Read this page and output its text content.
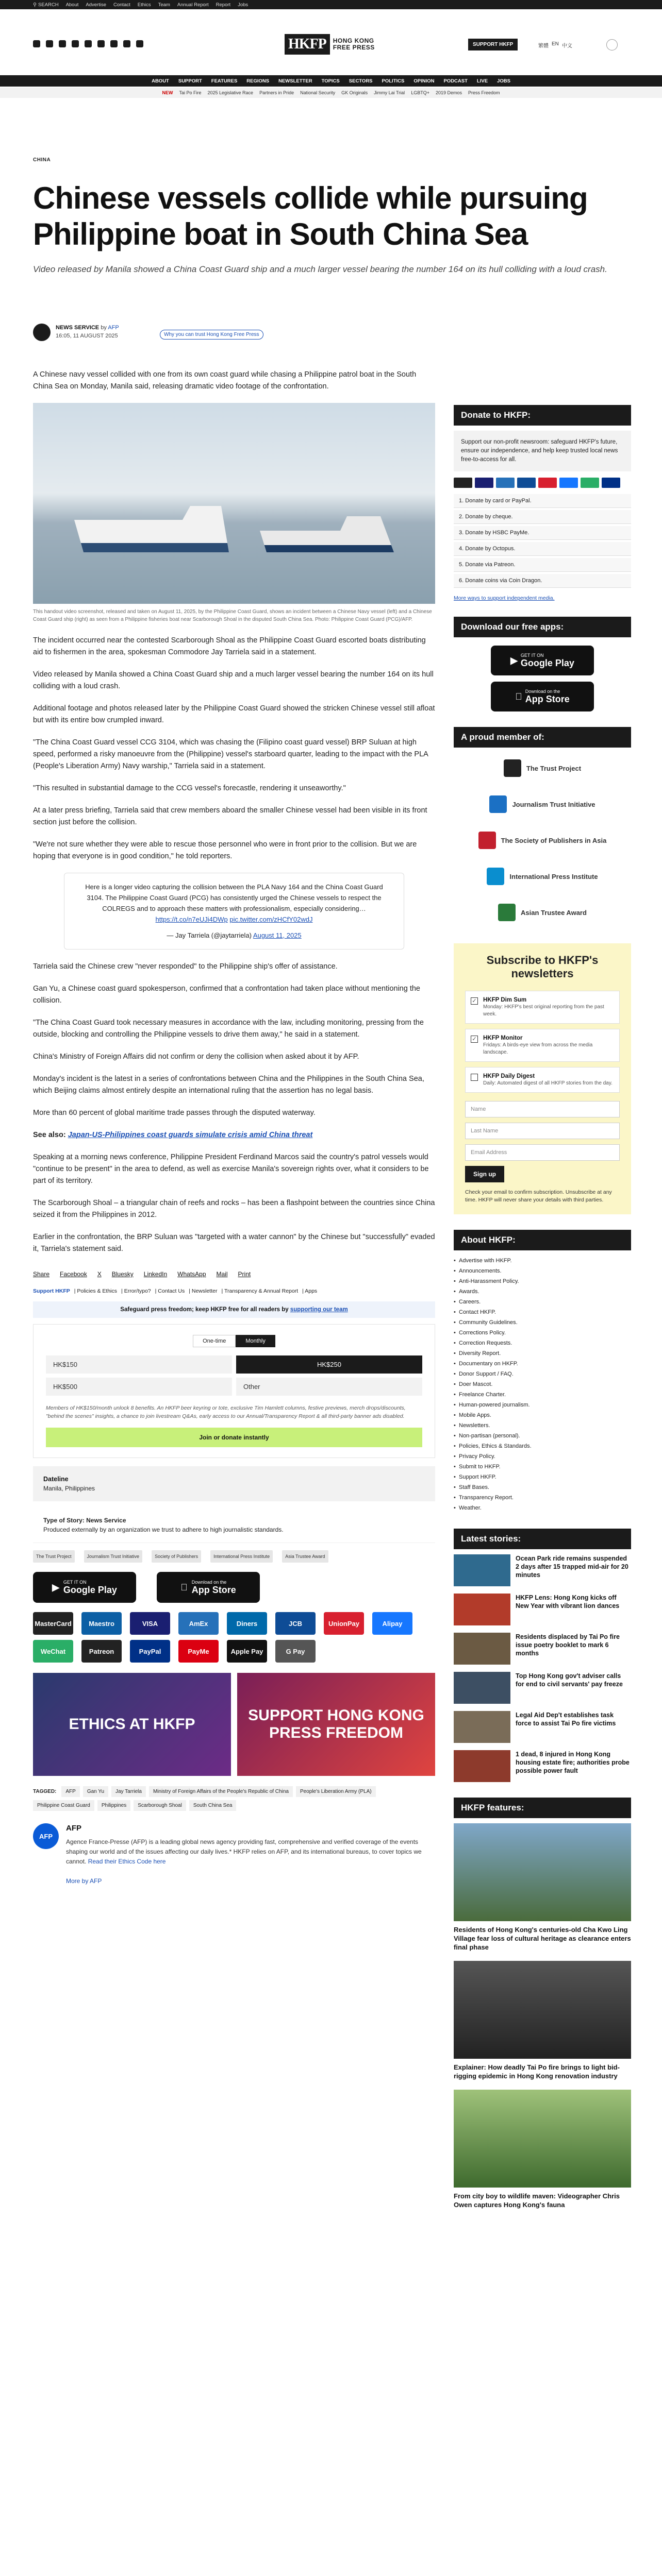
⚲ SEARCH About Advertise Contact Ethics Team Annual Report Report Jobs
HKFP	HONG KONG
FREE PRESS	SUPPORT HKFP	繁體 EN 中文
ABOUT SUPPORT FEATURES REGIONS NEWSLETTER TOPICS SECTORS POLITICS OPINION PODCAST LIVE JOBS
NEW Tai Po Fire 2025 Legislative Race Partners in Pride National Security GK Originals Jimmy Lai Trial LGBTQ+ 2019 Demos Press Freedom
CHINA
Chinese vessels collide while pursuing Philippine boat in South China Sea
Video released by Manila showed a China Coast Guard ship and a much larger vessel bearing the number 164 on its hull colliding with a loud crash.
NEWS SERVICE by AFP
16:05, 11 AUGUST 2025	Why you can trust Hong Kong Free Press

A Chinese navy vessel collided with one from its own coast guard while chasing a Philippine patrol boat in the South China Sea on Monday, Manila said, releasing dramatic video footage of the confrontation.

This handout video screenshot, released and taken on August 11, 2025, by the Philippine Coast Guard, shows an incident between a Chinese Navy vessel (left) and a Chinese Coast Guard ship (right) as seen from a Philippine fisheries boat near Scarborough Shoal in the disputed South China Sea. Photo: Philippine Coast Guard (PCG)/AFP.

The incident occurred near the contested Scarborough Shoal as the Philippine Coast Guard escorted boats distributing aid to fishermen in the area, spokesman Commodore Jay Tarriela said in a statement.

Video released by Manila showed a China Coast Guard ship and a much larger vessel bearing the number 164 on its hull colliding with a loud crash.

Additional footage and photos released later by the Philippine Coast Guard showed the stricken Chinese vessel still afloat but with its entire bow crumpled inward.

"The China Coast Guard vessel CCG 3104, which was chasing the (Filipino coast guard vessel) BRP Suluan at high speed, performed a risky manoeuvre from the (Philippine) vessel's starboard quarter, leading to the impact with the PLA (People's Liberation Army) Navy warship," Tarriela said in a statement.

"This resulted in substantial damage to the CCG vessel's forecastle, rendering it unseaworthy."

At a later press briefing, Tarriela said that crew members aboard the smaller Chinese vessel had been visible in its front section just before the collision.

"We're not sure whether they were able to rescue those personnel who were in front prior to the collision. But we are hoping that everyone is in good condition," he told reporters.

Here is a longer video capturing the collision between the PLA Navy 164 and the China Coast Guard 3104. The Philippine Coast Guard (PCG) has consistently urged the Chinese vessels to respect the COLREGS and to approach these matters with professionalism, especially considering…
https://t.co/n7eUJi4DWp pic.twitter.com/zHCfY02wdJ
— Jay Tarriela (@jaytarriela) August 11, 2025

Tarriela said the Chinese crew "never responded" to the Philippine ship's offer of assistance.

Gan Yu, a Chinese coast guard spokesperson, confirmed that a confrontation had taken place without mentioning the collision.

"The China Coast Guard took necessary measures in accordance with the law, including monitoring, pressing from the outside, blocking and controlling the Philippine vessels to drive them away," he said in a statement.

China's Ministry of Foreign Affairs did not confirm or deny the collision when asked about it by AFP.

Monday's incident is the latest in a series of confrontations between China and the Philippines in the South China Sea, which Beijing claims almost entirely despite an international ruling that the assertion has no legal basis.

More than 60 percent of global maritime trade passes through the disputed waterway.

See also: Japan-US-Philippines coast guards simulate crisis amid China threat

Speaking at a morning news conference, Philippine President Ferdinand Marcos said the country's patrol vessels would "continue to be present" in the area to defend, as well as exercise Manila's sovereign rights over, what it considers to be part of its territory.

The Scarborough Shoal – a triangular chain of reefs and rocks – has been a flashpoint between the countries since China seized it from the Philippines in 2012.

Earlier in the confrontation, the BRP Suluan was "targeted with a water cannon" by the Chinese but "successfully" evaded it, Tarriela's statement said.

Share Facebook X Bluesky LinkedIn WhatsApp Mail Print
Support HKFP | Policies & Ethics | Error/typo? | Contact Us | Newsletter | Transparency & Annual Report | Apps
Safeguard press freedom; keep HKFP free for all readers by supporting our team
One-time	Monthly
HK$150	HK$250
HK$500	Other
Members of HK$150/month unlock 8 benefits. An HKFP beer keyring or tote, exclusive Tim Hamlett columns, festive previews, merch drops/discounts, "behind the scenes" insights, a chance to join livestream Q&As, early access to our Annual/Transparency Report & all third-party banner ads disabled.
Join or donate instantly
Dateline
Manila, Philippines
Type of Story: News Service
Produced externally by an organization we trust to adhere to high journalistic standards.
The Trust Project	Journalism Trust Initiative	Society of Publishers	International Press Institute	Asia Trustee Award
▶ GET IT ON
Google Play
Download on the
App Store
MasterCard	Maestro	VISA	AmEx	Diners	JCB	UnionPay	Alipay
WeChat	Patreon	PayPal	PayMe	Apple Pay	G Pay
ETHICS AT HKFP
SUPPORT HONG KONG PRESS FREEDOM
TAGGED:	AFP	Gan Yu	Jay Tarriela	Ministry of Foreign Affairs of the People's Republic of China	People's Liberation Army (PLA)
Philippine Coast Guard	Philippines	Scarborough Shoal	South China Sea
AFP
AFP
Agence France-Presse (AFP) is a leading global news agency providing fast, comprehensive and verified coverage of the events shaping our world and of the issues affecting our daily lives.* HKFP relies on AFP, and its international bureaus, to cover topics we cannot. Read their Ethics Code here

More by AFP
Donate to HKFP:
Support our non-profit newsroom: safeguard HKFP's future, ensure our independence, and help keep trusted local news free-to-access for all.
1. Donate by card or PayPal.
2. Donate by cheque.
3. Donate by HSBC PayMe.
4. Donate by Octopus.
5. Donate via Patreon.
6. Donate coins via Coin Dragon.
More ways to support independent media.
Download our free apps:
▶ GET IT ON
Google Play
Download on the
App Store
A proud member of:
The Trust Project
Journalism Trust Initiative
The Society of Publishers in Asia
International Press Institute
Asian Trustee Award
Subscribe to HKFP's newsletters
✓ HKFP Dim Sum
Monday: HKFP's best original reporting from the past week.
✓ HKFP Monitor
Fridays: A birds-eye view from across the media landscape.
HKFP Daily Digest
Daily: Automated digest of all HKFP stories from the day.
Name
Last Name
Email Address
Sign up
Check your email to confirm subscription. Unsubscribe at any time. HKFP will never share your details with third parties.
About HKFP:
• Advertise with HKFP.
• Announcements.
• Anti-Harassment Policy.
• Awards.
• Careers.
• Contact HKFP.
• Community Guidelines.
• Corrections Policy.
• Correction Requests.
• Diversity Report.
• Documentary on HKFP.
• Donor Support / FAQ.
• Doer Mascot.
• Freelance Charter.
• Human-powered journalism.
• Mobile Apps.
• Newsletters.
• Non-partisan (personal).
• Policies, Ethics & Standards.
• Privacy Policy.
• Submit to HKFP.
• Support HKFP.
• Staff Bases.
• Transparency Report.
• Weather.
Latest stories:
Ocean Park ride remains suspended 2 days after 15 trapped mid-air for 20 minutes
HKFP Lens: Hong Kong kicks off New Year with vibrant lion dances
Residents displaced by Tai Po fire issue poetry booklet to mark 6 months
Top Hong Kong gov't adviser calls for end to civil servants' pay freeze
Legal Aid Dep't establishes task force to assist Tai Po fire victims
1 dead, 8 injured in Hong Kong housing estate fire; authorities probe possible power fault
HKFP features:
Residents of Hong Kong's centuries-old Cha Kwo Ling Village fear loss of cultural heritage as clearance enters final phase
Explainer: How deadly Tai Po fire brings to light bid-rigging epidemic in Hong Kong renovation industry
From city boy to wildlife maven: Videographer Chris Owen captures Hong Kong's fauna
